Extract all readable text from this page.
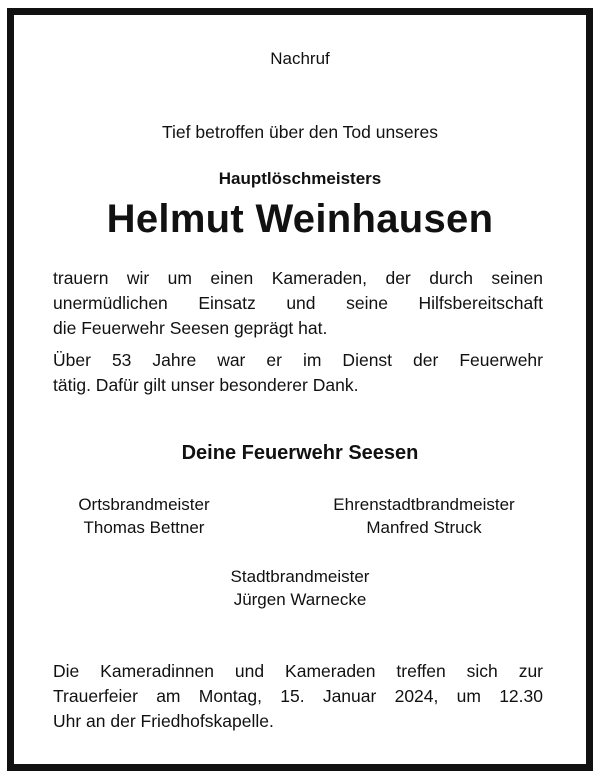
Nachruf
Tief betroffen über den Tod unseres
Hauptlöschmeisters
Helmut Weinhausen
trauern wir um einen Kameraden, der durch seinen
unermüdlichen Einsatz und seine Hilfsbereitschaft
die Feuerwehr Seesen geprägt hat.
Über 53 Jahre war er im Dienst der Feuerwehr
tätig. Dafür gilt unser besonderer Dank.
Deine Feuerwehr Seesen
Ortsbrandmeister
Thomas Bettner
Ehrenstadtbrandmeister
Manfred Struck
Stadtbrandmeister
Jürgen Warnecke
Die Kameradinnen und Kameraden treffen sich zur
Trauerfeier am Montag, 15. Januar 2024, um 12.30
Uhr an der Friedhofskapelle.
